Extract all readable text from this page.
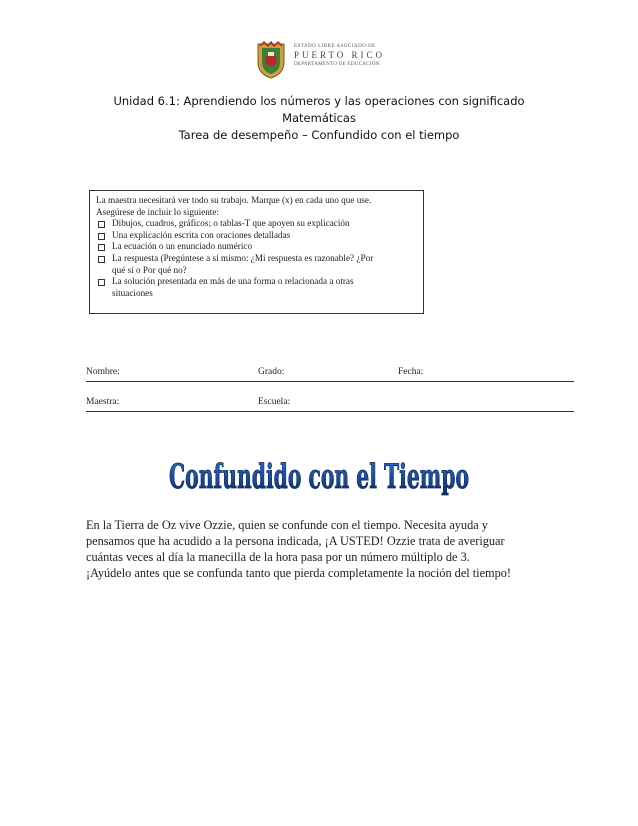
ESTADO LIBRE ASOCIADO DE
PUERTO RICO
DEPARTAMENTO DE EDUCACIÓN
Unidad 6.1: Aprendiendo los números y las operaciones con significado
Matemáticas
Tarea de desempeño – Confundido con el tiempo
La maestra necesitará ver todo su trabajo. Marque (x) en cada uno que use.
Asegúrese de incluir lo siguiente:
Dibujos, cuadros, gráficos; o tablas-T que apoyen su explicación
Una explicación escrita con oraciones detalladas
La ecuación o un enunciado numérico
La respuesta (Pregúntese a sí mismo: ¿Mi respuesta es razonable? ¿Por
qué sí o Por qué no?
La solución presentada en más de una forma o relacionada a otras
situaciones
Nombre:	Grado:	Fecha:
Maestra:	Escuela:
Confundido con el Tiempo
En la Tierra de Oz vive Ozzie, quien se confunde con el tiempo. Necesita ayuda y
pensamos que ha acudido a la persona indicada, ¡A USTED! Ozzie trata de averiguar
cuántas veces al día la manecilla de la hora pasa por un número múltiplo de 3.
¡Ayúdelo antes que se confunda tanto que pierda completamente la noción del tiempo!
